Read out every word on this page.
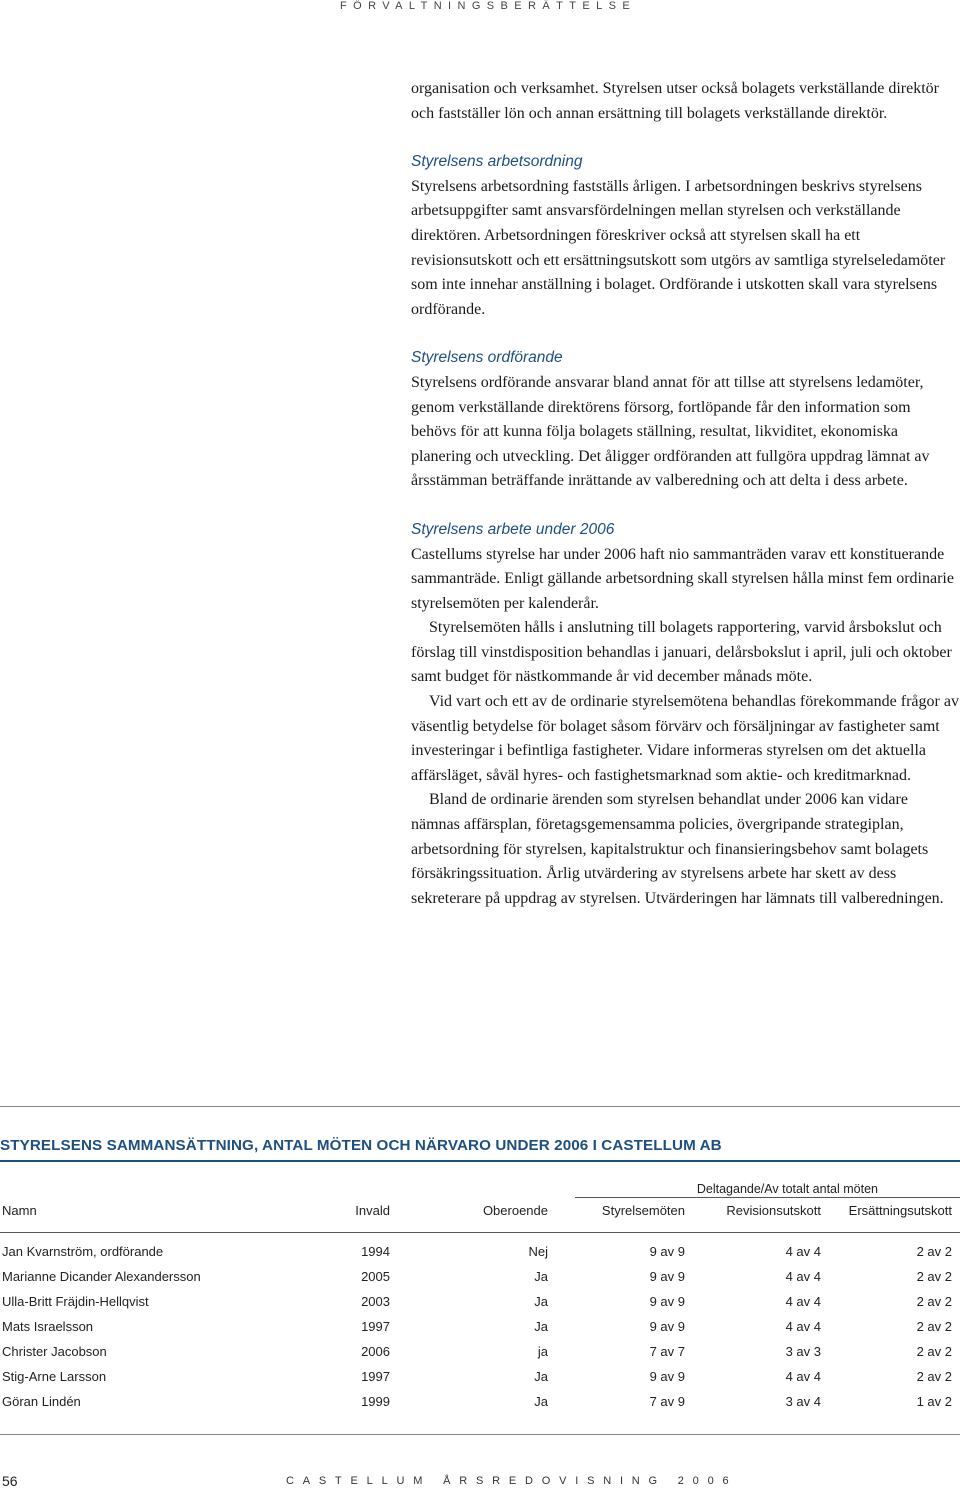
FÖRVALTNINGSBERÄTTELSE

organisation och verksamhet. Styrelsen utser också bolagets verkställande direktör och fastställer lön och annan ersättning till bolagets verkställande direktör.

Styrelsens arbetsordning

Styrelsens arbetsordning fastställs årligen. I arbetsordningen beskrivs styrelsens arbetsuppgifter samt ansvarsfördelningen mellan styrelsen och verkställande direktören. Arbetsordningen föreskriver också att styrelsen skall ha ett revisionsutskott och ett ersättningsutskott som utgörs av samtliga styrelseledamöter som inte innehar anställning i bolaget. Ordförande i utskotten skall vara styrelsens ordförande.

Styrelsens ordförande

Styrelsens ordförande ansvarar bland annat för att tillse att styrelsens ledamöter, genom verkställande direktörens försorg, fortlöpande får den information som behövs för att kunna följa bolagets ställning, resultat, likviditet, ekonomiska planering och utveckling. Det åligger ordföranden att fullgöra uppdrag lämnat av årsstämman beträffande inrättande av valberedning och att delta i dess arbete.

Styrelsens arbete under 2006

Castellums styrelse har under 2006 haft nio sammanträden varav ett konstituerande sammanträde. Enligt gällande arbetsordning skall styrelsen hålla minst fem ordinarie styrelsemöten per kalenderår.

Styrelsemöten hålls i anslutning till bolagets rapportering, varvid årsbokslut och förslag till vinstdisposition behandlas i januari, delårsbokslut i april, juli och oktober samt budget för nästkommande år vid december månads möte.

Vid vart och ett av de ordinarie styrelsemötena behandlas förekommande frågor av väsentlig betydelse för bolaget såsom förvärv och försäljningar av fastigheter samt investeringar i befintliga fastigheter. Vidare informeras styrelsen om det aktuella affärsläget, såväl hyres- och fastighetsmarknad som aktie- och kreditmarknad.

Bland de ordinarie ärenden som styrelsen behandlat under 2006 kan vidare nämnas affärsplan, företagsgemensamma policies, övergripande strategiplan, arbetsordning för styrelsen, kapitalstruktur och finansieringsbehov samt bolagets försäkringssituation. Årlig utvärdering av styrelsens arbete har skett av dess sekreterare på uppdrag av styrelsen. Utvärderingen har lämnats till valberedningen.

STYRELSENS SAMMANSÄTTNING, ANTAL MÖTEN OCH NÄRVARO UNDER 2006 I CASTELLUM AB
Deltagande/Av totalt antal möten
Namn	Invald	Oberoende	Styrelsemöten	Revisionsutskott	Ersättningsutskott
Jan Kvarnström, ordförande	1994	Nej	9 av 9	4 av 4	2 av 2
Marianne Dicander Alexandersson	2005	Ja	9 av 9	4 av 4	2 av 2
Ulla-Britt Fräjdin-Hellqvist	2003	Ja	9 av 9	4 av 4	2 av 2
Mats Israelsson	1997	Ja	9 av 9	4 av 4	2 av 2
Christer Jacobson	2006	ja	7 av 7	3 av 3	2 av 2
Stig-Arne Larsson	1997	Ja	9 av 9	4 av 4	2 av 2
Göran Lindén	1999	Ja	7 av 9	3 av 4	1 av 2
56	CASTELLUM ÅRSREDOVISNING 2006
